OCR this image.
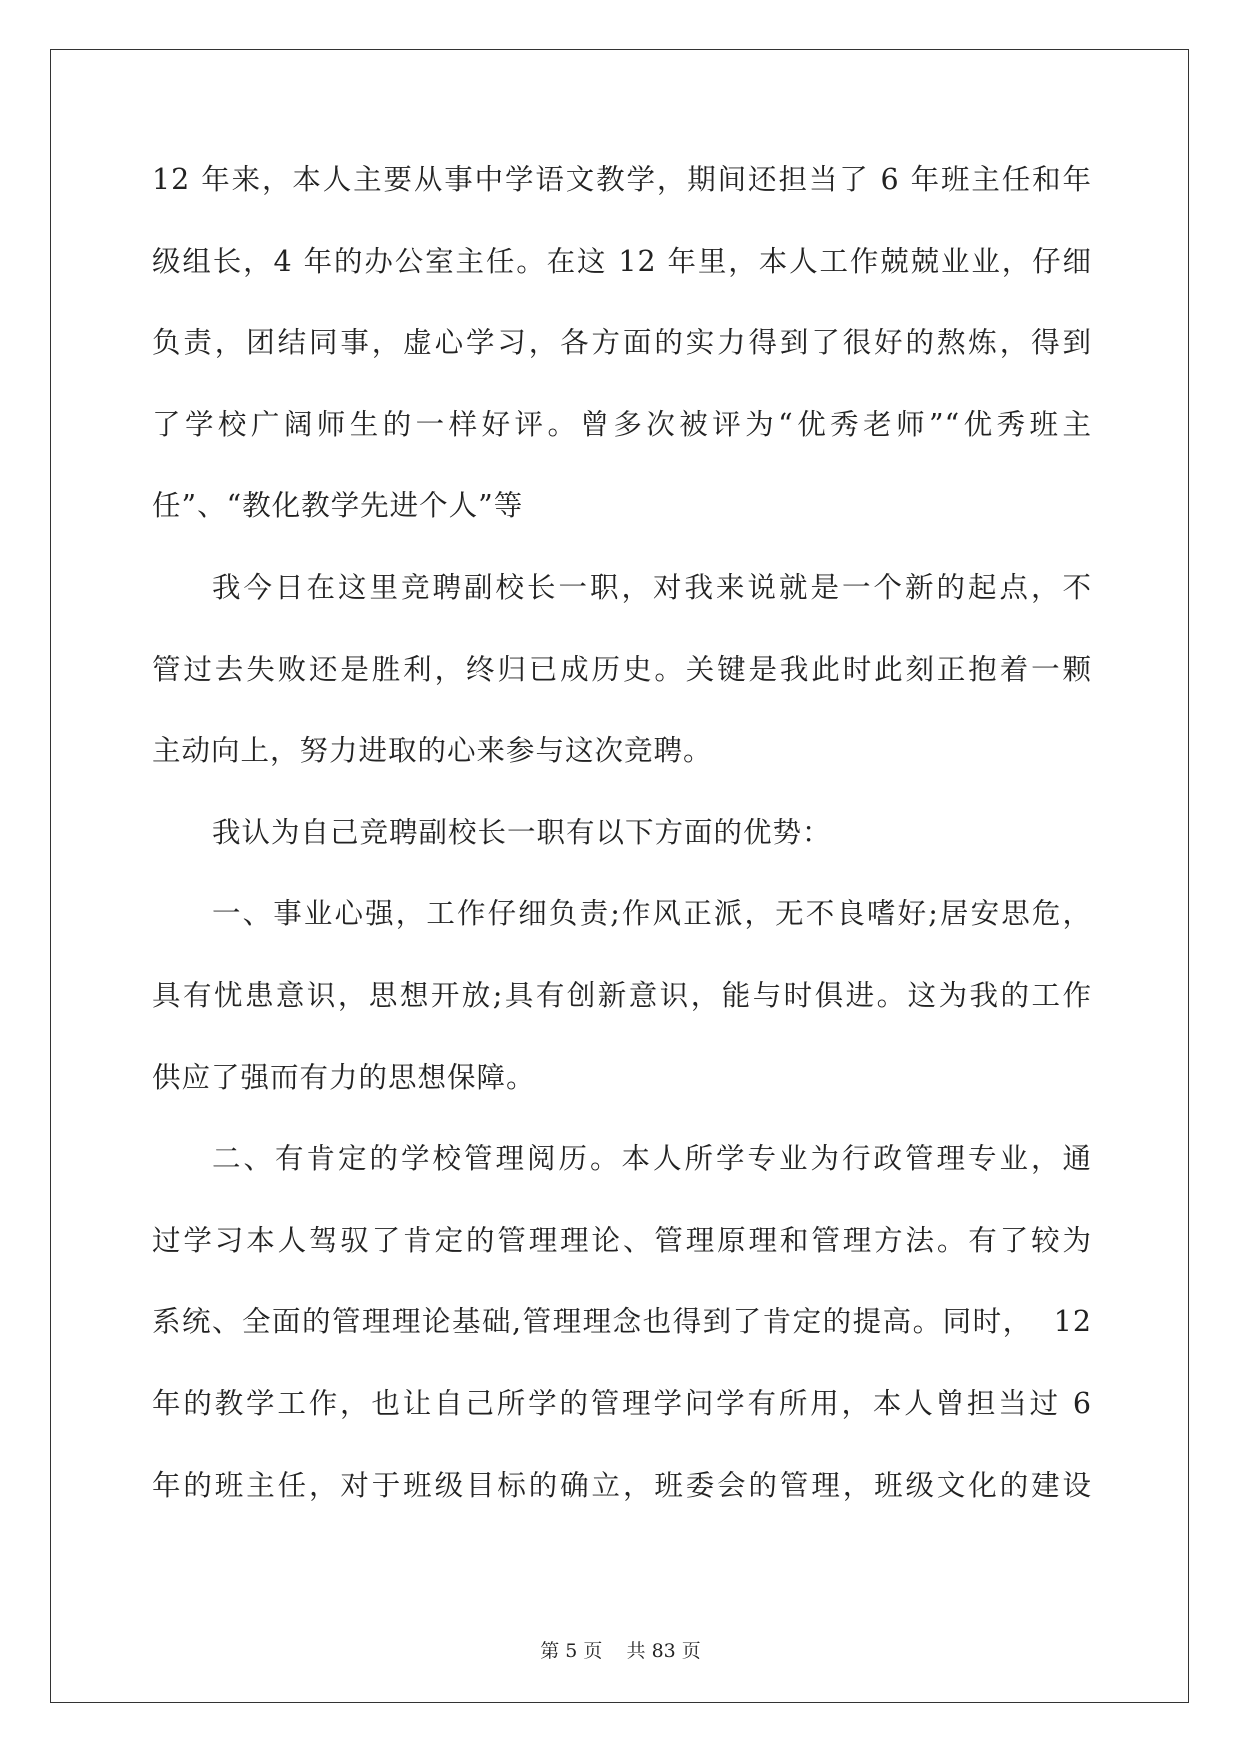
12 年来，本人主要从事中学语文教学，期间还担当了 6 年班主任和年
级组长，4 年的办公室主任。在这 12 年里，本人工作兢兢业业，仔细
负责，团结同事，虚心学习，各方面的实力得到了很好的熬炼，得到
了学校广阔师生的一样好评。曾多次被评为“优秀老师”“优秀班主
任”、“教化教学先进个人”等
我今日在这里竞聘副校长一职，对我来说就是一个新的起点，不
管过去失败还是胜利，终归已成历史。关键是我此时此刻正抱着一颗
主动向上，努力进取的心来参与这次竞聘。
我认为自己竞聘副校长一职有以下方面的优势：
一、事业心强，工作仔细负责;作风正派，无不良嗜好;居安思危，
具有忧患意识，思想开放;具有创新意识，能与时俱进。这为我的工作
供应了强而有力的思想保障。
二、有肯定的学校管理阅历。本人所学专业为行政管理专业，通
过学习本人驾驭了肯定的管理理论、管理原理和管理方法。有了较为
系统、全面的管理理论基础,管理理念也得到了肯定的提高。同时，  12
年的教学工作，也让自己所学的管理学问学有所用，本人曾担当过 6
年的班主任，对于班级目标的确立，班委会的管理，班级文化的建设
第 5 页 共 83 页
